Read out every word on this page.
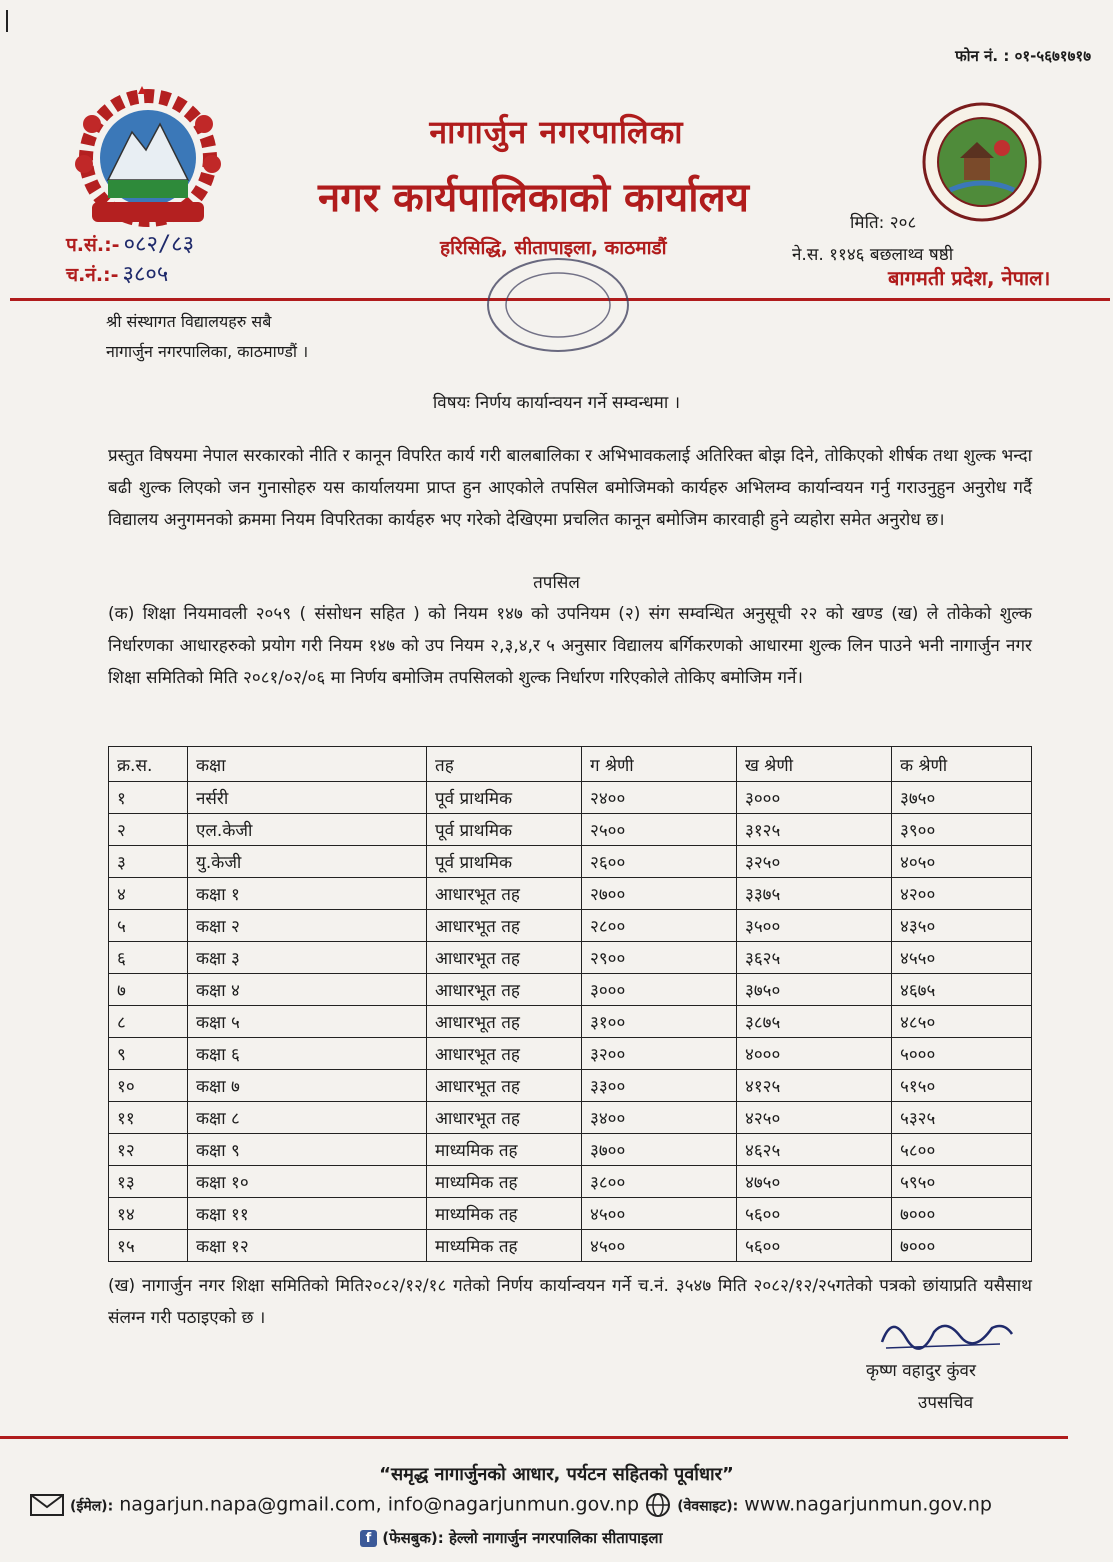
फोन नं. : ०१-५६७१७१७
नागार्जुन नगरपालिका
नगर कार्यपालिकाको कार्यालय
हरिसिद्धि, सीतापाइला, काठमाडौं
प.सं.:- ०८२/८३
च.नं.:- ३८०५
मिति: २०८
ने.स. ११४६ बछलाथ्व षष्ठी
बागमती प्रदेश, नेपाल।
श्री संस्थागत विद्यालयहरु सबै
नागार्जुन नगरपालिका, काठमाण्डौं ।
विषयः निर्णय कार्यान्वयन गर्ने सम्वन्धमा ।
प्रस्तुत विषयमा नेपाल सरकारको नीति र कानून विपरित कार्य गरी बालबालिका र अभिभावकलाई अतिरिक्त बोझ दिने, तोकिएको शीर्षक तथा शुल्क भन्दा बढी शुल्क लिएको जन गुनासोहरु यस कार्यालयमा प्राप्त हुन आएकोले तपसिल बमोजिमको कार्यहरु अभिलम्व कार्यान्वयन गर्नु गराउनुहुन अनुरोध गर्दै विद्यालय अनुगमनको क्रममा नियम विपरितका कार्यहरु भए गरेको देखिएमा प्रचलित कानून बमोजिम कारवाही हुने व्यहोरा समेत अनुरोध छ।
तपसिल
(क) शिक्षा नियमावली २०५९ ( संसोधन सहित ) को नियम १४७ को उपनियम (२) संग सम्वन्धित अनुसूची २२ को खण्ड (ख) ले तोकेको शुल्क निर्धारणका आधारहरुको प्रयोग गरी नियम १४७ को उप नियम २,३,४,र ५ अनुसार विद्यालय बर्गिकरणको आधारमा शुल्क लिन पाउने भनी नागार्जुन नगर शिक्षा समितिको मिति २०८१/०२/०६ मा निर्णय बमोजिम तपसिलको शुल्क निर्धारण गरिएकोले तोकिए बमोजिम गर्ने।
क्र.स.	कक्षा	तह	ग श्रेणी	ख श्रेणी	क श्रेणी
१	नर्सरी	पूर्व प्राथमिक	२४००	३०००	३७५०
२	एल.केजी	पूर्व प्राथमिक	२५००	३१२५	३९००
३	यु.केजी	पूर्व प्राथमिक	२६००	३२५०	४०५०
४	कक्षा १	आधारभूत तह	२७००	३३७५	४२००
५	कक्षा २	आधारभूत तह	२८००	३५००	४३५०
६	कक्षा ३	आधारभूत तह	२९००	३६२५	४५५०
७	कक्षा ४	आधारभूत तह	३०००	३७५०	४६७५
८	कक्षा ५	आधारभूत तह	३१००	३८७५	४८५०
९	कक्षा ६	आधारभूत तह	३२००	४०००	५०००
१०	कक्षा ७	आधारभूत तह	३३००	४१२५	५१५०
११	कक्षा ८	आधारभूत तह	३४००	४२५०	५३२५
१२	कक्षा ९	माध्यमिक तह	३७००	४६२५	५८००
१३	कक्षा १०	माध्यमिक तह	३८००	४७५०	५९५०
१४	कक्षा ११	माध्यमिक तह	४५००	५६००	७०००
१५	कक्षा १२	माध्यमिक तह	४५००	५६००	७०००
(ख) नागार्जुन नगर शिक्षा समितिको मिति२०८२/१२/१८ गतेको निर्णय कार्यान्वयन गर्ने च.नं. ३५४७ मिति २०८२/१२/२५गतेको पत्रको छांयाप्रति यसैसाथ संलग्न गरी पठाइएको छ ।
कृष्ण वहादुर कुंवर
उपसचिव
“समृद्ध नागार्जुनको आधार, पर्यटन सहितको पूर्वाधार”
(ईमेल): nagarjun.napa@gmail.com, info@nagarjunmun.gov.np	(वेवसाइट): www.nagarjunmun.gov.np
f (फेसबुक): हेल्लो नागार्जुन नगरपालिका सीतापाइला
